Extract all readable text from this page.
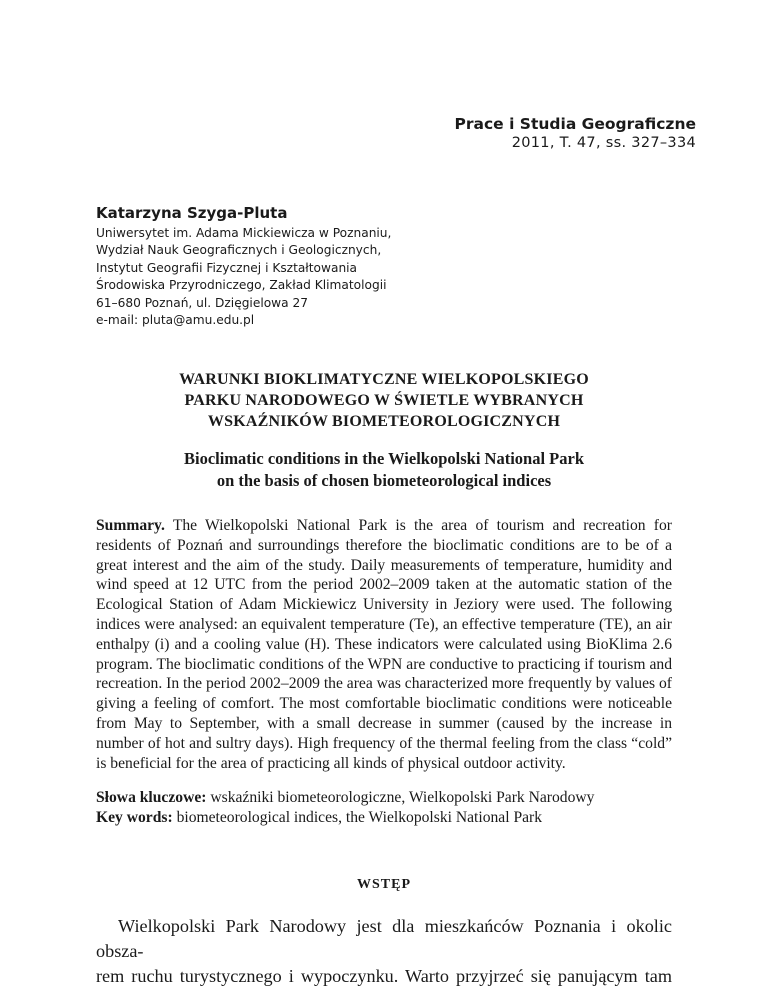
Prace i Studia Geograficzne
2011, T. 47, ss. 327–334
Katarzyna Szyga-Pluta
Uniwersytet im. Adama Mickiewicza w Poznaniu,
Wydział Nauk Geograficznych i Geologicznych,
Instytut Geografii Fizycznej i Kształtowania
Środowiska Przyrodniczego, Zakład Klimatologii
61–680 Poznań, ul. Dzięgielowa 27
e-mail: pluta@amu.edu.pl
WARUNKI BIOKLIMATYCZNE WIELKOPOLSKIEGO
PARKU NARODOWEGO W ŚWIETLE WYBRANYCH
WSKAŹNIKÓW BIOMETEOROLOGICZNYCH
Bioclimatic conditions in the Wielkopolski National Park
on the basis of chosen biometeorological indices
Summary. The Wielkopolski National Park is the area of tourism and recreation for residents of Poznań and surroundings therefore the bioclimatic conditions are to be of a great interest and the aim of the study. Daily measurements of temperature, humidity and wind speed at 12 UTC from the period 2002–2009 taken at the automatic station of the Ecological Station of Adam Mickiewicz University in Jeziory were used. The following indices were analysed: an equivalent temperature (Te), an effective temperature (TE), an air enthalpy (i) and a cooling value (H). These indicators were calculated using BioKlima 2.6 program. The bioclimatic conditions of the WPN are conductive to practicing if tourism and recreation. In the period 2002–2009 the area was characterized more frequently by values of giving a feeling of comfort. The most comfortable bioclimatic conditions were noticeable from May to September, with a small decrease in summer (caused by the increase in number of hot and sultry days). High frequency of the thermal feeling from the class “cold” is beneficial for the area of practicing all kinds of physical outdoor activity.
Słowa kluczowe: wskaźniki biometeorologiczne, Wielkopolski Park Narodowy
Key words: biometeorological indices, the Wielkopolski National Park
WSTĘP
Wielkopolski Park Narodowy jest dla mieszkańców Poznania i okolic obsza-
rem ruchu turystycznego i wypoczynku. Warto przyjrzeć się panującym tam
